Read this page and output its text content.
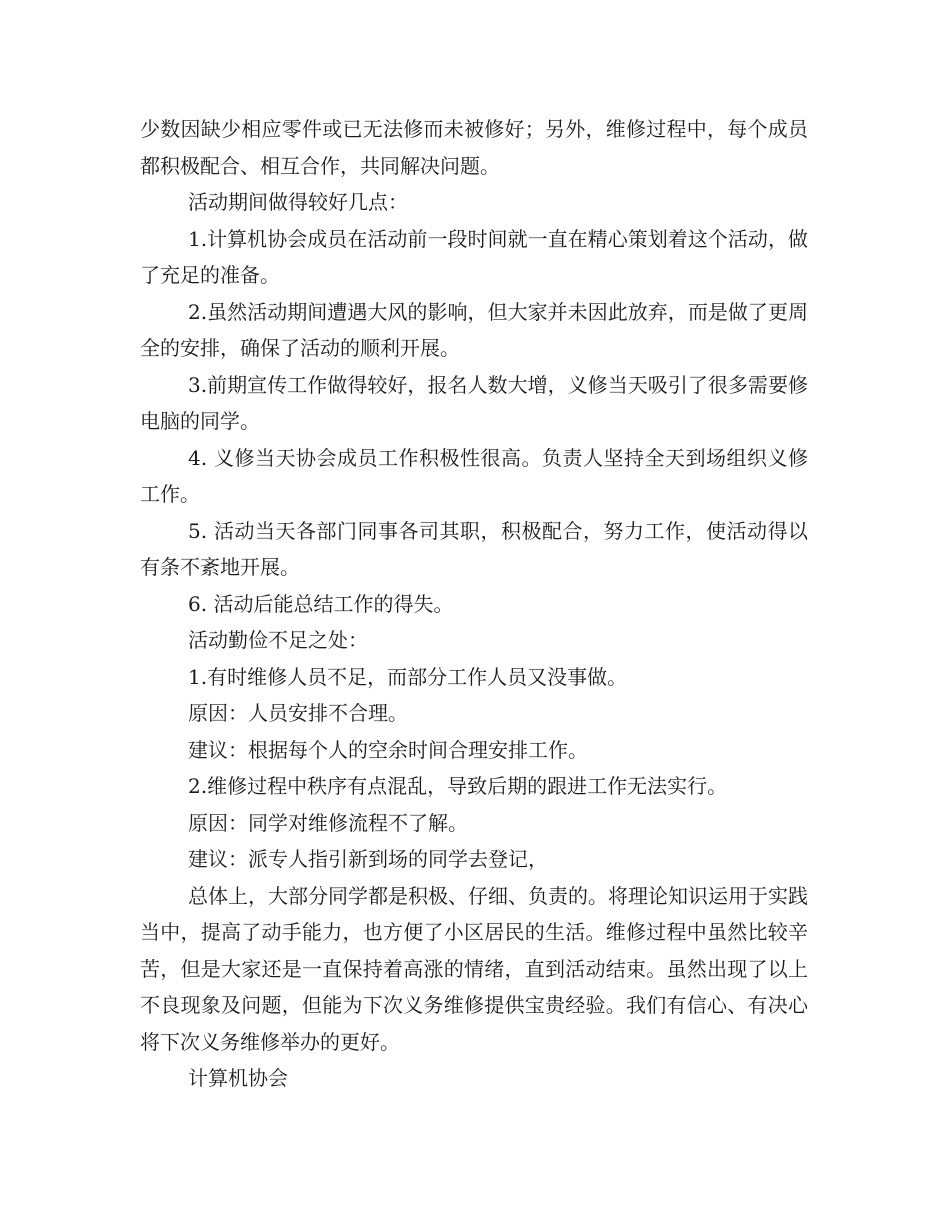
少数因缺少相应零件或已无法修而未被修好；另外，维修过程中，每个成员都积极配合、相互合作，共同解决问题。

活动期间做得较好几点：

1.计算机协会成员在活动前一段时间就一直在精心策划着这个活动，做了充足的准备。

2.虽然活动期间遭遇大风的影响，但大家并未因此放弃，而是做了更周全的安排，确保了活动的顺利开展。

3.前期宣传工作做得较好，报名人数大增，义修当天吸引了很多需要修电脑的同学。

4. 义修当天协会成员工作积极性很高。负责人坚持全天到场组织义修工作。

5. 活动当天各部门同事各司其职，积极配合，努力工作，使活动得以有条不紊地开展。

6. 活动后能总结工作的得失。

活动勤俭不足之处：

1.有时维修人员不足，而部分工作人员又没事做。

原因：人员安排不合理。

建议：根据每个人的空余时间合理安排工作。

2.维修过程中秩序有点混乱，导致后期的跟进工作无法实行。

原因：同学对维修流程不了解。

建议：派专人指引新到场的同学去登记，

总体上，大部分同学都是积极、仔细、负责的。将理论知识运用于实践当中，提高了动手能力，也方便了小区居民的生活。维修过程中虽然比较辛苦，但是大家还是一直保持着高涨的情绪，直到活动结束。虽然出现了以上不良现象及问题，但能为下次义务维修提供宝贵经验。我们有信心、有决心将下次义务维修举办的更好。

计算机协会
